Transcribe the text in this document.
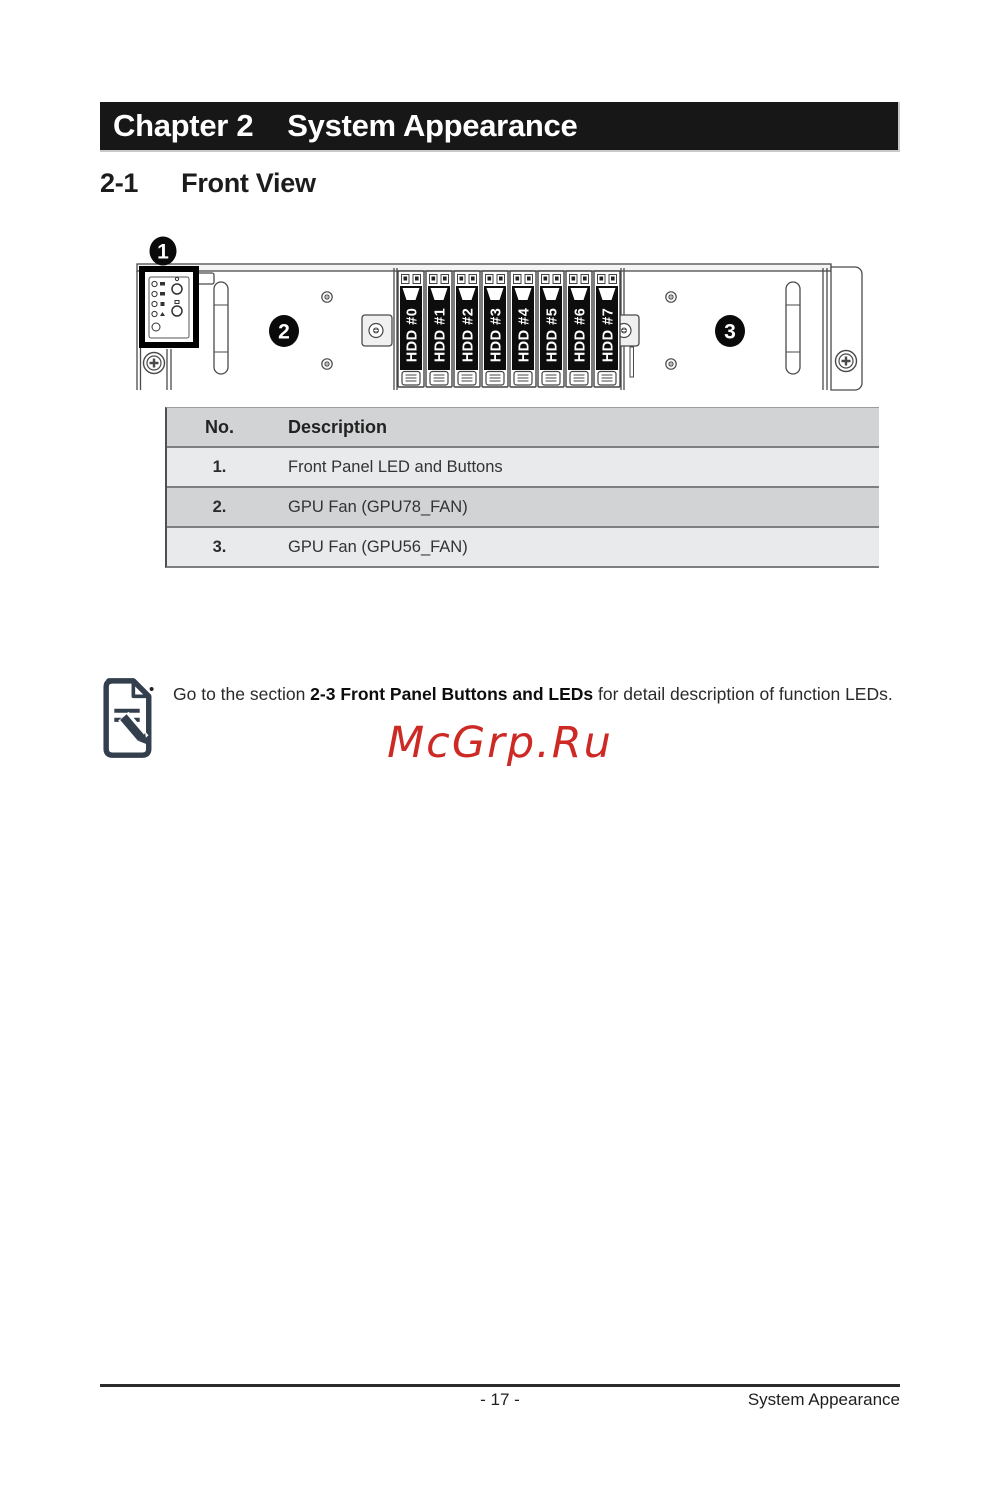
Chapter 2 System Appearance
2-1 Front View
HDD #0 HDD #1 HDD #2 HDD #3 HDD #4 HDD #5 HDD #6 HDD #7
1
2	3
No.	Description
1.	Front Panel LED and Buttons
2.	GPU Fan (GPU78_FAN)
3.	GPU Fan (GPU56_FAN)
• Go to the section 2-3 Front Panel Buttons and LEDs for detail description of function LEDs.
McGrp.Ru
- 17 -	System Appearance
